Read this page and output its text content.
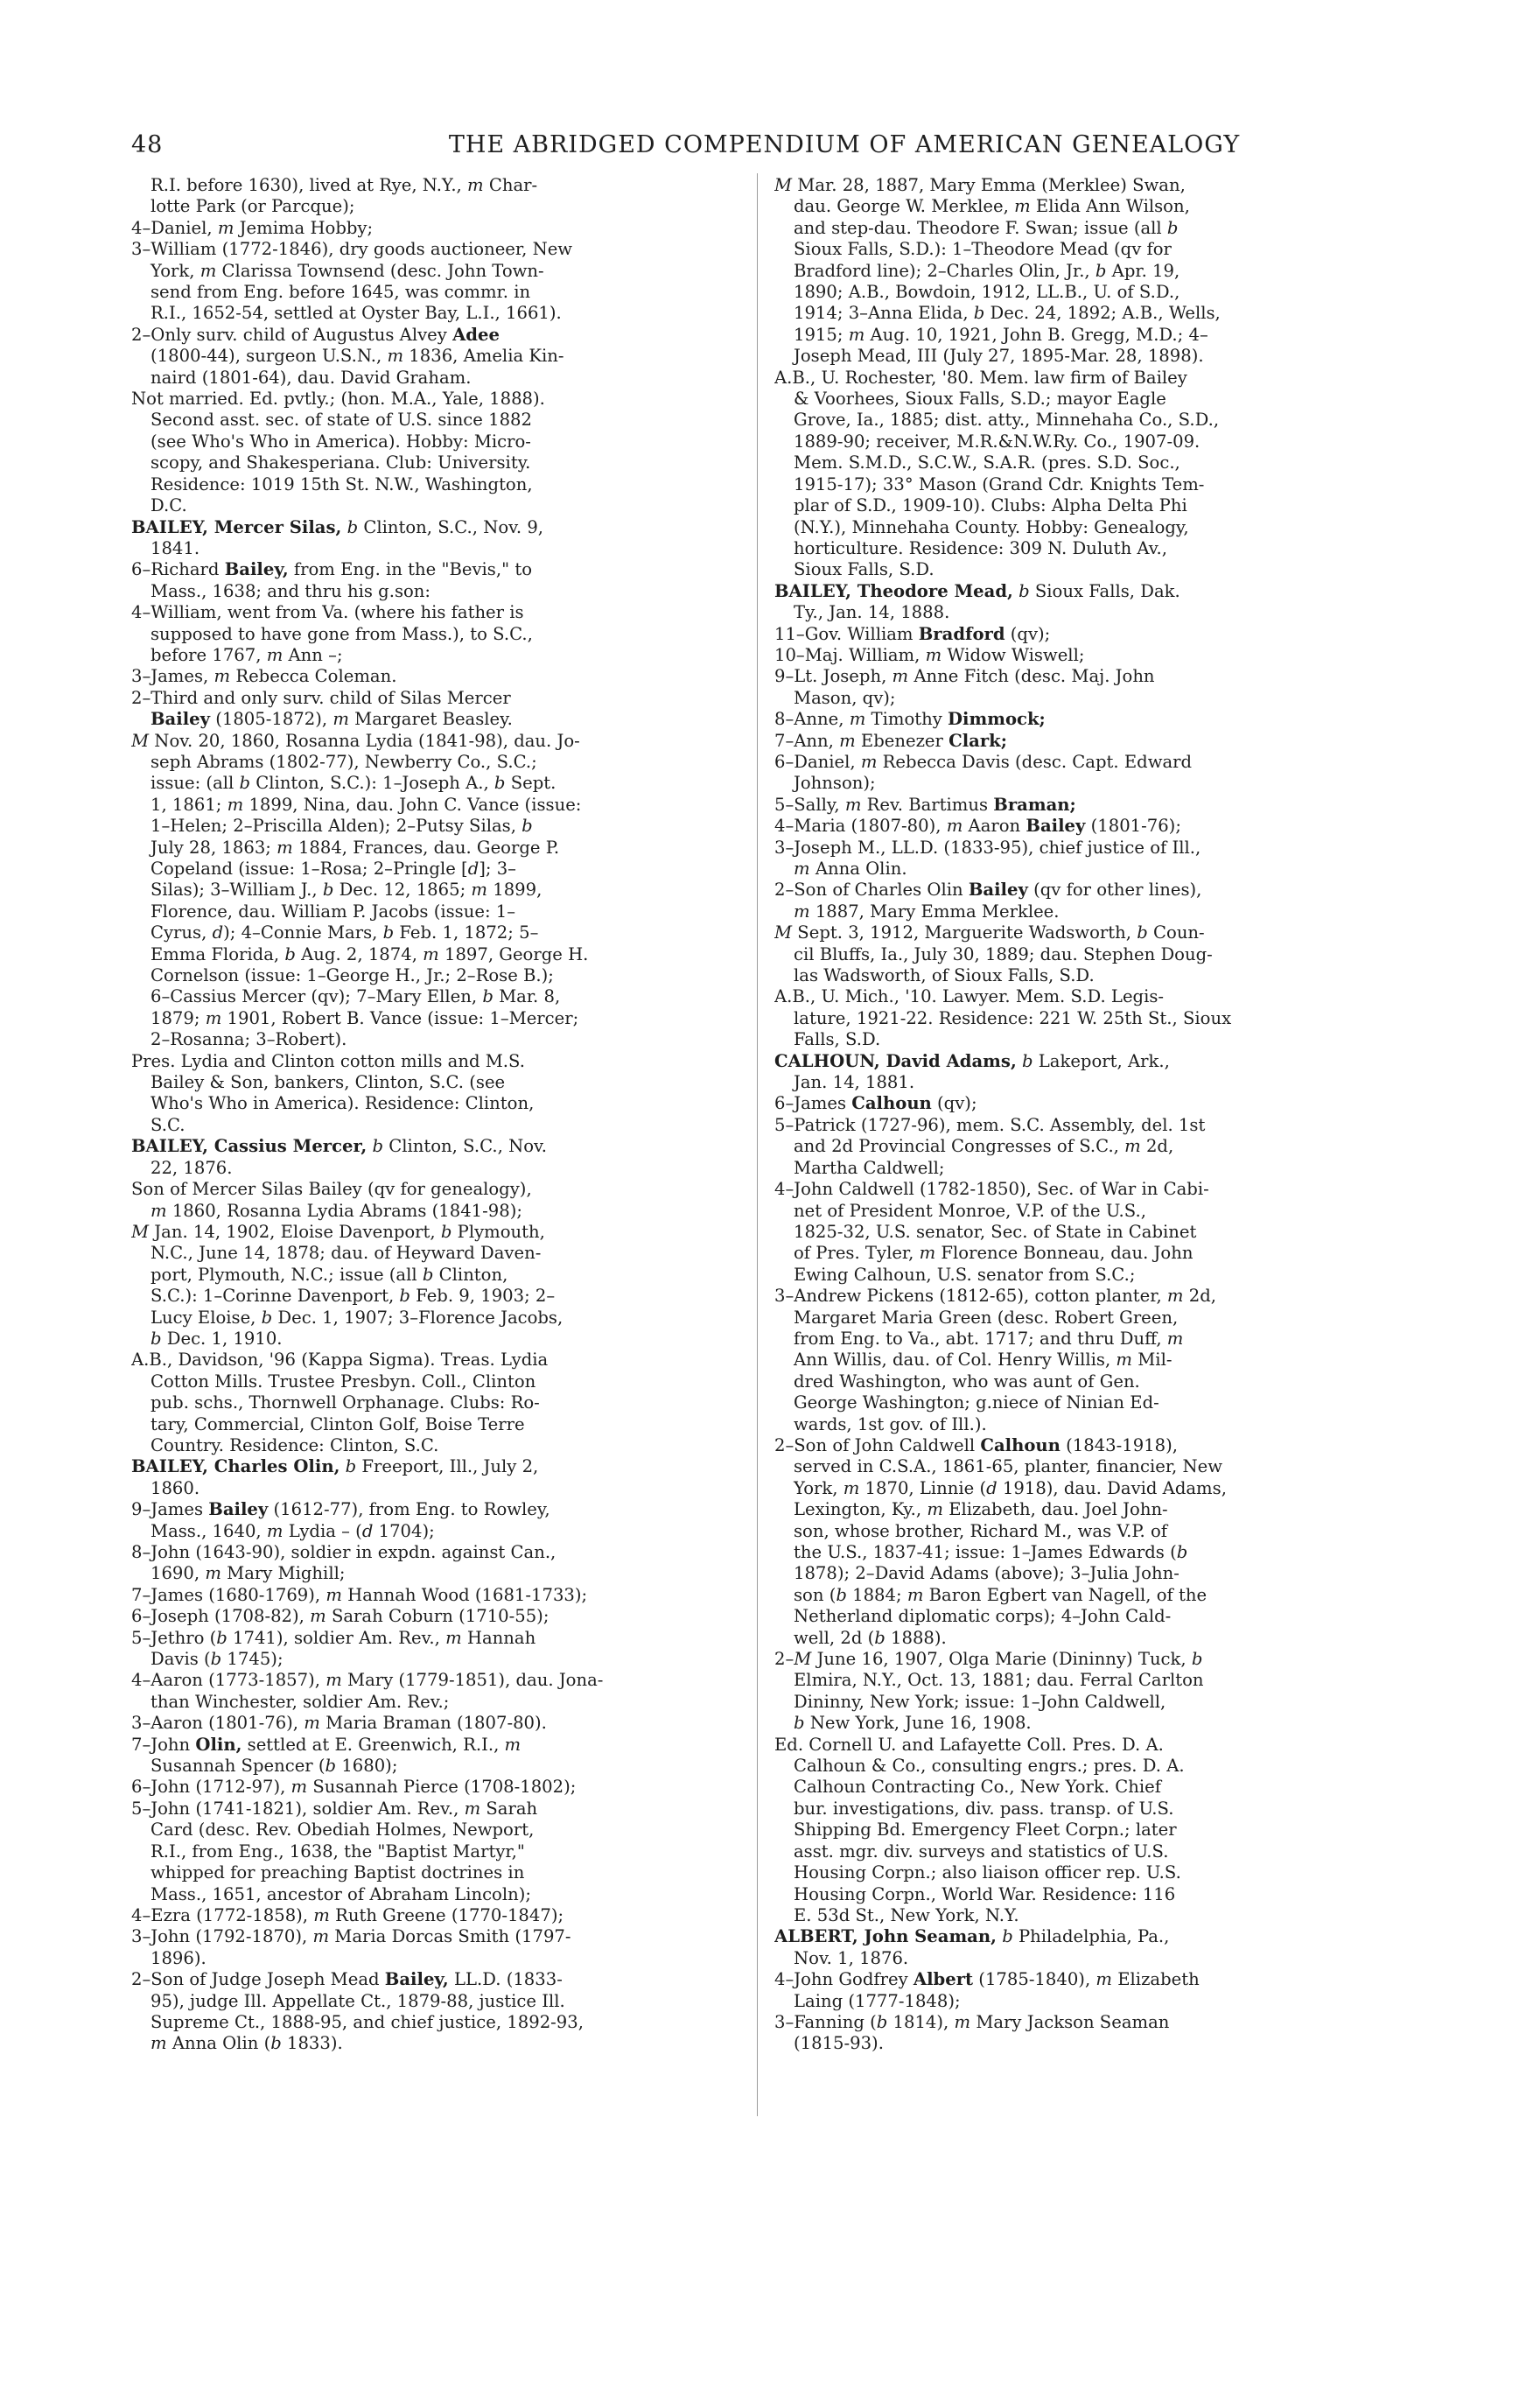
48	THE ABRIDGED COMPENDIUM OF AMERICAN GENEALOGY
R.I. before 1630), lived at Rye, N.Y., m Char-
lotte Park (or Parcque);
4–Daniel, m Jemima Hobby;
3–William (1772-1846), dry goods auctioneer, New
York, m Clarissa Townsend (desc. John Town-
send from Eng. before 1645, was commr. in
R.I., 1652-54, settled at Oyster Bay, L.I., 1661).
2–Only surv. child of Augustus Alvey Adee
(1800-44), surgeon U.S.N., m 1836, Amelia Kin-
naird (1801-64), dau. David Graham.
Not married. Ed. pvtly.; (hon. M.A., Yale, 1888).
Second asst. sec. of state of U.S. since 1882
(see Who's Who in America). Hobby: Micro-
scopy, and Shakesperiana. Club: University.
Residence: 1019 15th St. N.W., Washington,
D.C.
BAILEY, Mercer Silas, b Clinton, S.C., Nov. 9,
1841.
6–Richard Bailey, from Eng. in the "Bevis," to
Mass., 1638; and thru his g.son:
4–William, went from Va. (where his father is
supposed to have gone from Mass.), to S.C.,
before 1767, m Ann –;
3–James, m Rebecca Coleman.
2–Third and only surv. child of Silas Mercer
Bailey (1805-1872), m Margaret Beasley.
M Nov. 20, 1860, Rosanna Lydia (1841-98), dau. Jo-
seph Abrams (1802-77), Newberry Co., S.C.;
issue: (all b Clinton, S.C.): 1–Joseph A., b Sept.
1, 1861; m 1899, Nina, dau. John C. Vance (issue:
1–Helen; 2–Priscilla Alden); 2–Putsy Silas, b
July 28, 1863; m 1884, Frances, dau. George P.
Copeland (issue: 1–Rosa; 2–Pringle [d]; 3–
Silas); 3–William J., b Dec. 12, 1865; m 1899,
Florence, dau. William P. Jacobs (issue: 1–
Cyrus, d); 4–Connie Mars, b Feb. 1, 1872; 5–
Emma Florida, b Aug. 2, 1874, m 1897, George H.
Cornelson (issue: 1–George H., Jr.; 2–Rose B.);
6–Cassius Mercer (qv); 7–Mary Ellen, b Mar. 8,
1879; m 1901, Robert B. Vance (issue: 1–Mercer;
2–Rosanna; 3–Robert).
Pres. Lydia and Clinton cotton mills and M.S.
Bailey & Son, bankers, Clinton, S.C. (see
Who's Who in America). Residence: Clinton,
S.C.
BAILEY, Cassius Mercer, b Clinton, S.C., Nov.
22, 1876.
Son of Mercer Silas Bailey (qv for genealogy),
m 1860, Rosanna Lydia Abrams (1841-98);
M Jan. 14, 1902, Eloise Davenport, b Plymouth,
N.C., June 14, 1878; dau. of Heyward Daven-
port, Plymouth, N.C.; issue (all b Clinton,
S.C.): 1–Corinne Davenport, b Feb. 9, 1903; 2–
Lucy Eloise, b Dec. 1, 1907; 3–Florence Jacobs,
b Dec. 1, 1910.
A.B., Davidson, '96 (Kappa Sigma). Treas. Lydia
Cotton Mills. Trustee Presbyn. Coll., Clinton
pub. schs., Thornwell Orphanage. Clubs: Ro-
tary, Commercial, Clinton Golf, Boise Terre
Country. Residence: Clinton, S.C.
BAILEY, Charles Olin, b Freeport, Ill., July 2,
1860.
9–James Bailey (1612-77), from Eng. to Rowley,
Mass., 1640, m Lydia – (d 1704);
8–John (1643-90), soldier in expdn. against Can.,
1690, m Mary Mighill;
7–James (1680-1769), m Hannah Wood (1681-1733);
6–Joseph (1708-82), m Sarah Coburn (1710-55);
5–Jethro (b 1741), soldier Am. Rev., m Hannah
Davis (b 1745);
4–Aaron (1773-1857), m Mary (1779-1851), dau. Jona-
than Winchester, soldier Am. Rev.;
3–Aaron (1801-76), m Maria Braman (1807-80).
7–John Olin, settled at E. Greenwich, R.I., m
Susannah Spencer (b 1680);
6–John (1712-97), m Susannah Pierce (1708-1802);
5–John (1741-1821), soldier Am. Rev., m Sarah
Card (desc. Rev. Obediah Holmes, Newport,
R.I., from Eng., 1638, the "Baptist Martyr,"
whipped for preaching Baptist doctrines in
Mass., 1651, ancestor of Abraham Lincoln);
4–Ezra (1772-1858), m Ruth Greene (1770-1847);
3–John (1792-1870), m Maria Dorcas Smith (1797-
1896).
2–Son of Judge Joseph Mead Bailey, LL.D. (1833-
95), judge Ill. Appellate Ct., 1879-88, justice Ill.
Supreme Ct., 1888-95, and chief justice, 1892-93,
m Anna Olin (b 1833).
M Mar. 28, 1887, Mary Emma (Merklee) Swan,
dau. George W. Merklee, m Elida Ann Wilson,
and step-dau. Theodore F. Swan; issue (all b
Sioux Falls, S.D.): 1–Theodore Mead (qv for
Bradford line); 2–Charles Olin, Jr., b Apr. 19,
1890; A.B., Bowdoin, 1912, LL.B., U. of S.D.,
1914; 3–Anna Elida, b Dec. 24, 1892; A.B., Wells,
1915; m Aug. 10, 1921, John B. Gregg, M.D.; 4–
Joseph Mead, III (July 27, 1895-Mar. 28, 1898).
A.B., U. Rochester, '80. Mem. law firm of Bailey
& Voorhees, Sioux Falls, S.D.; mayor Eagle
Grove, Ia., 1885; dist. atty., Minnehaha Co., S.D.,
1889-90; receiver, M.R.&N.W.Ry. Co., 1907-09.
Mem. S.M.D., S.C.W., S.A.R. (pres. S.D. Soc.,
1915-17); 33° Mason (Grand Cdr. Knights Tem-
plar of S.D., 1909-10). Clubs: Alpha Delta Phi
(N.Y.), Minnehaha County. Hobby: Genealogy,
horticulture. Residence: 309 N. Duluth Av.,
Sioux Falls, S.D.
BAILEY, Theodore Mead, b Sioux Falls, Dak.
Ty., Jan. 14, 1888.
11–Gov. William Bradford (qv);
10–Maj. William, m Widow Wiswell;
9–Lt. Joseph, m Anne Fitch (desc. Maj. John
Mason, qv);
8–Anne, m Timothy Dimmock;
7–Ann, m Ebenezer Clark;
6–Daniel, m Rebecca Davis (desc. Capt. Edward
Johnson);
5–Sally, m Rev. Bartimus Braman;
4–Maria (1807-80), m Aaron Bailey (1801-76);
3–Joseph M., LL.D. (1833-95), chief justice of Ill.,
m Anna Olin.
2–Son of Charles Olin Bailey (qv for other lines),
m 1887, Mary Emma Merklee.
M Sept. 3, 1912, Marguerite Wadsworth, b Coun-
cil Bluffs, Ia., July 30, 1889; dau. Stephen Doug-
las Wadsworth, of Sioux Falls, S.D.
A.B., U. Mich., '10. Lawyer. Mem. S.D. Legis-
lature, 1921-22. Residence: 221 W. 25th St., Sioux
Falls, S.D.
CALHOUN, David Adams, b Lakeport, Ark.,
Jan. 14, 1881.
6–James Calhoun (qv);
5–Patrick (1727-96), mem. S.C. Assembly, del. 1st
and 2d Provincial Congresses of S.C., m 2d,
Martha Caldwell;
4–John Caldwell (1782-1850), Sec. of War in Cabi-
net of President Monroe, V.P. of the U.S.,
1825-32, U.S. senator, Sec. of State in Cabinet
of Pres. Tyler, m Florence Bonneau, dau. John
Ewing Calhoun, U.S. senator from S.C.;
3–Andrew Pickens (1812-65), cotton planter, m 2d,
Margaret Maria Green (desc. Robert Green,
from Eng. to Va., abt. 1717; and thru Duff, m
Ann Willis, dau. of Col. Henry Willis, m Mil-
dred Washington, who was aunt of Gen.
George Washington; g.niece of Ninian Ed-
wards, 1st gov. of Ill.).
2–Son of John Caldwell Calhoun (1843-1918),
served in C.S.A., 1861-65, planter, financier, New
York, m 1870, Linnie (d 1918), dau. David Adams,
Lexington, Ky., m Elizabeth, dau. Joel John-
son, whose brother, Richard M., was V.P. of
the U.S., 1837-41; issue: 1–James Edwards (b
1878); 2–David Adams (above); 3–Julia John-
son (b 1884; m Baron Egbert van Nagell, of the
Netherland diplomatic corps); 4–John Cald-
well, 2d (b 1888).
2–M June 16, 1907, Olga Marie (Dininny) Tuck, b
Elmira, N.Y., Oct. 13, 1881; dau. Ferral Carlton
Dininny, New York; issue: 1–John Caldwell,
b New York, June 16, 1908.
Ed. Cornell U. and Lafayette Coll. Pres. D. A.
Calhoun & Co., consulting engrs.; pres. D. A.
Calhoun Contracting Co., New York. Chief
bur. investigations, div. pass. transp. of U.S.
Shipping Bd. Emergency Fleet Corpn.; later
asst. mgr. div. surveys and statistics of U.S.
Housing Corpn.; also liaison officer rep. U.S.
Housing Corpn., World War. Residence: 116
E. 53d St., New York, N.Y.
ALBERT, John Seaman, b Philadelphia, Pa.,
Nov. 1, 1876.
4–John Godfrey Albert (1785-1840), m Elizabeth
Laing (1777-1848);
3–Fanning (b 1814), m Mary Jackson Seaman
(1815-93).
